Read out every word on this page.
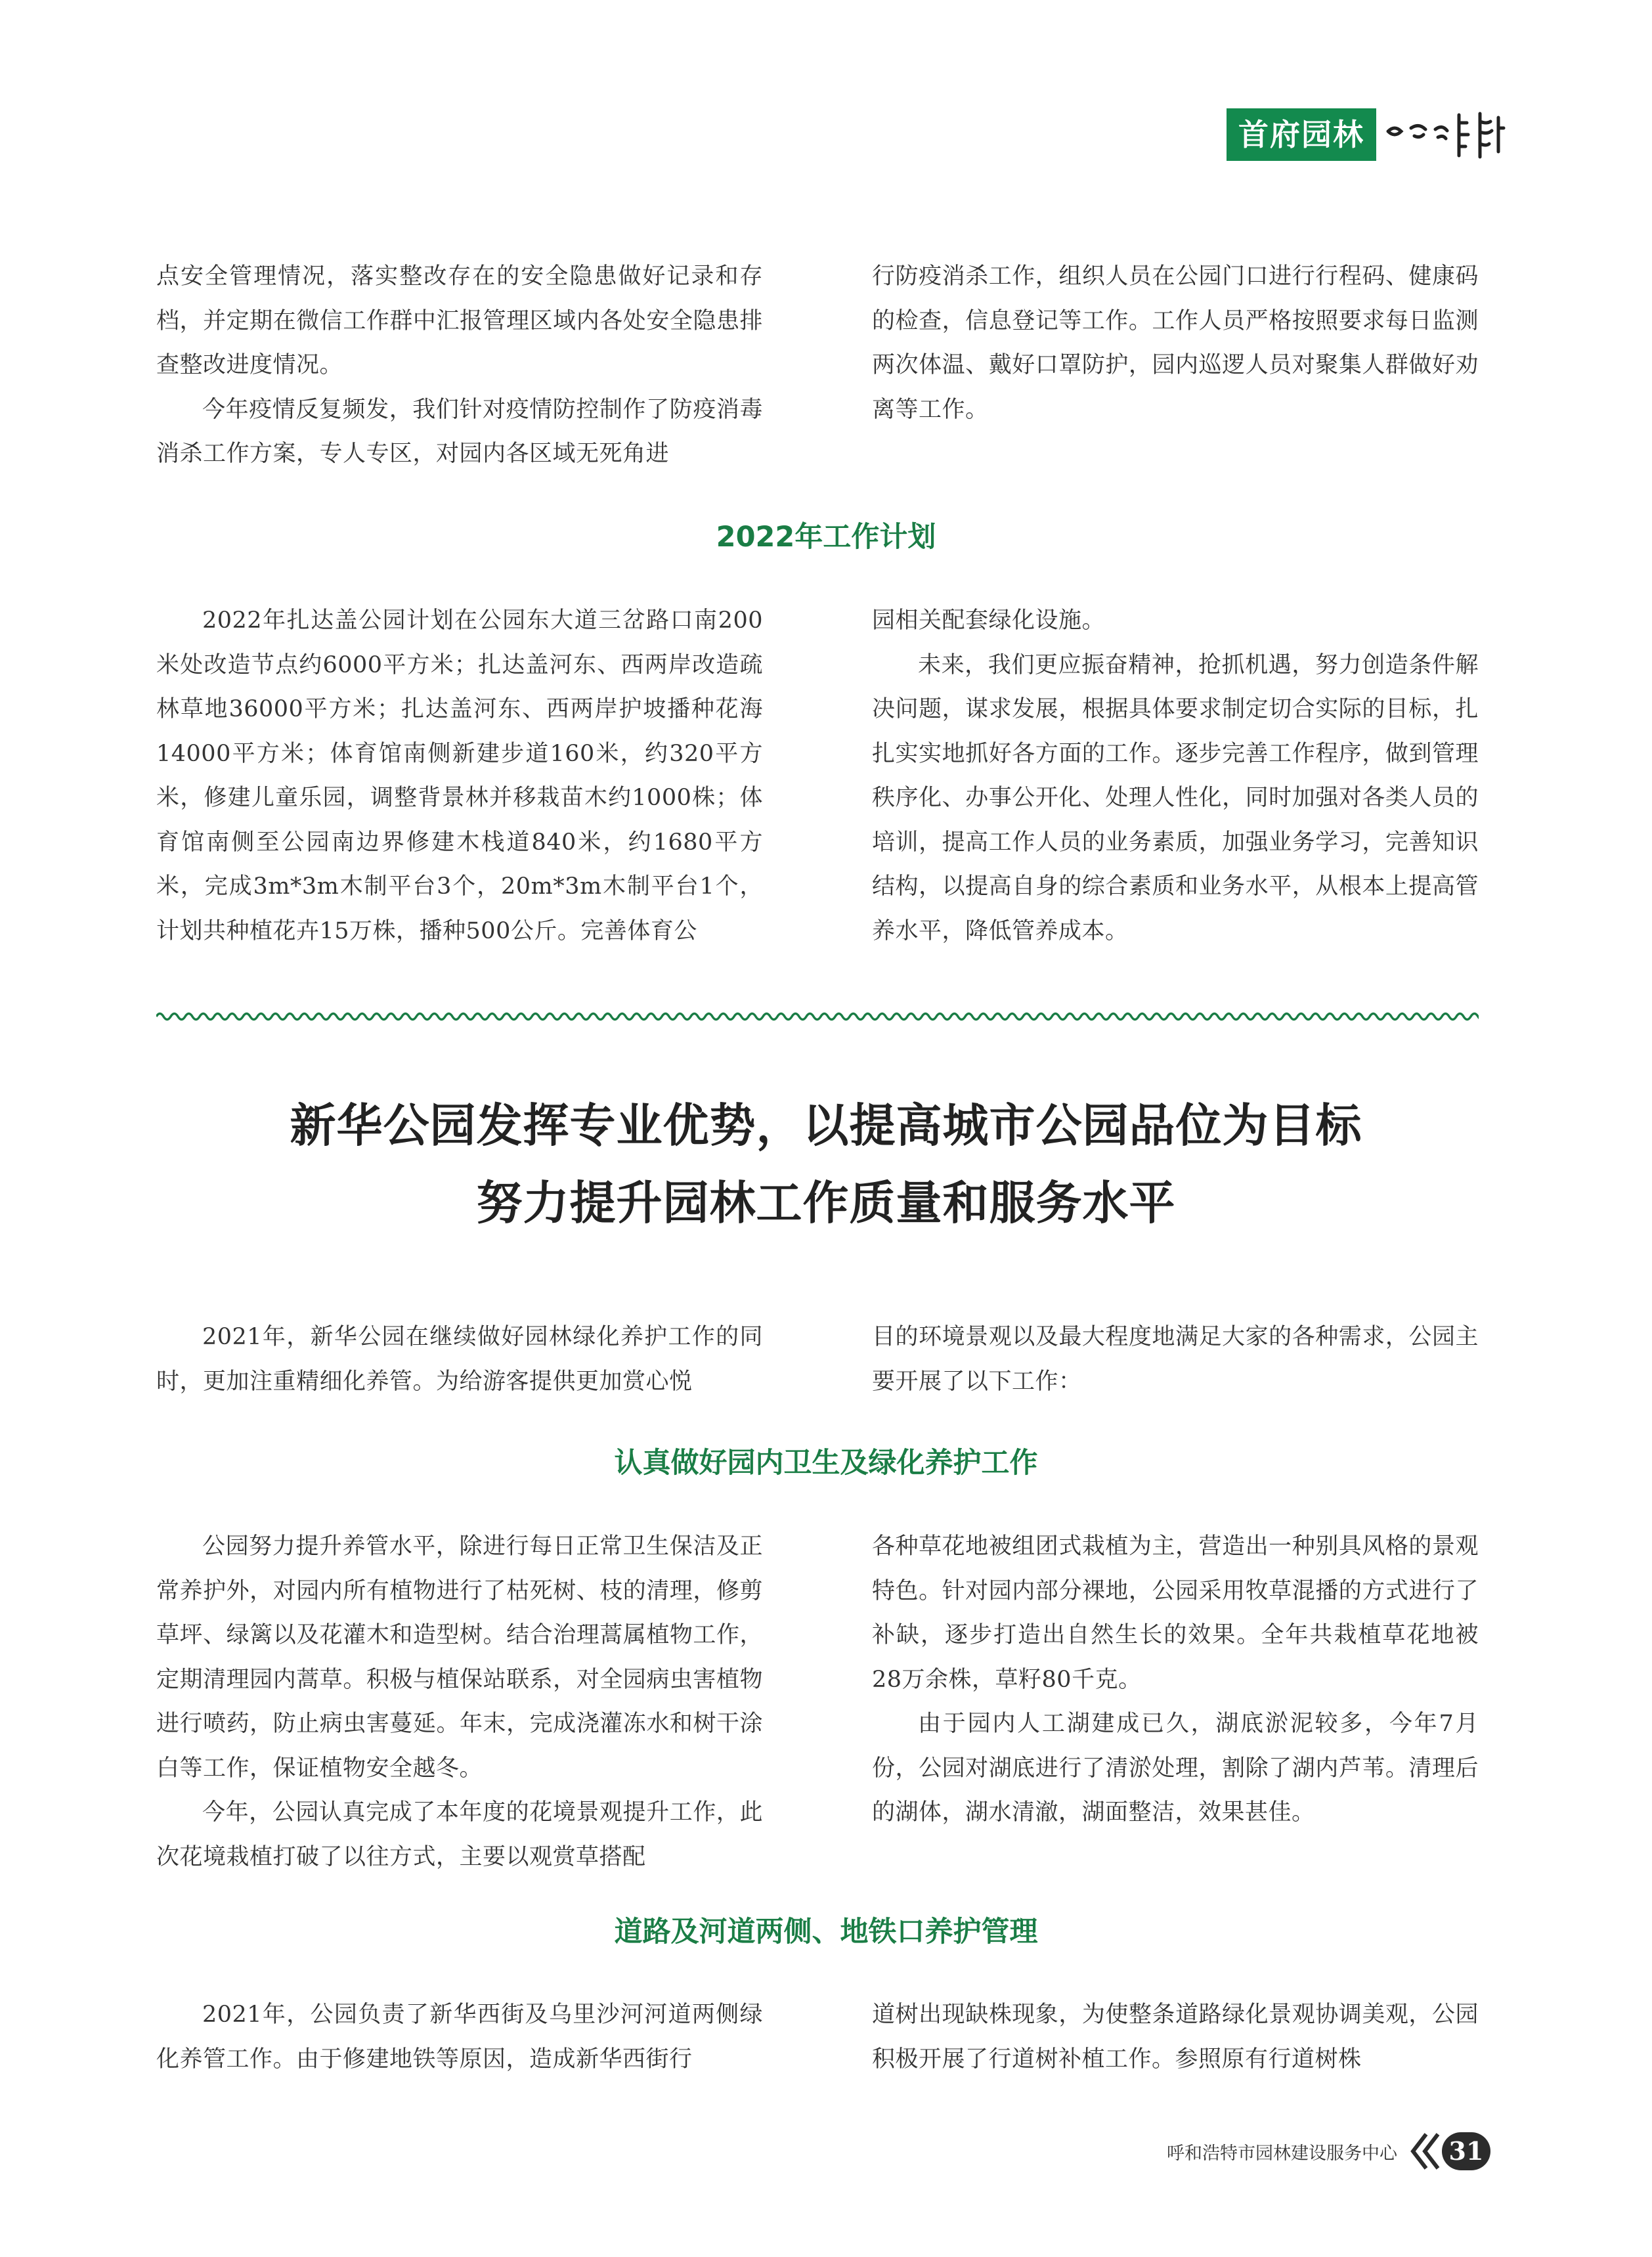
首府园林

点安全管理情况，落实整改存在的安全隐患做好记录和存档，并定期在微信工作群中汇报管理区域内各处安全隐患排查整改进度情况。

今年疫情反复频发，我们针对疫情防控制作了防疫消毒消杀工作方案，专人专区，对园内各区域无死角进

行防疫消杀工作，组织人员在公园门口进行行程码、健康码的检查，信息登记等工作。工作人员严格按照要求每日监测两次体温、戴好口罩防护，园内巡逻人员对聚集人群做好劝离等工作。

2022年工作计划

2022年扎达盖公园计划在公园东大道三岔路口南200米处改造节点约6000平方米；扎达盖河东、西两岸改造疏林草地36000平方米；扎达盖河东、西两岸护坡播种花海14000平方米；体育馆南侧新建步道160米，约320平方米，修建儿童乐园，调整背景林并移栽苗木约1000株；体育馆南侧至公园南边界修建木栈道840米，约1680平方米，完成3m*3m木制平台3个，20m*3m木制平台1个，计划共种植花卉15万株，播种500公斤。完善体育公

园相关配套绿化设施。

未来，我们更应振奋精神，抢抓机遇，努力创造条件解决问题，谋求发展，根据具体要求制定切合实际的目标，扎扎实实地抓好各方面的工作。逐步完善工作程序，做到管理秩序化、办事公开化、处理人性化，同时加强对各类人员的培训，提高工作人员的业务素质，加强业务学习，完善知识结构，以提高自身的综合素质和业务水平，从根本上提高管养水平，降低管养成本。

新华公园发挥专业优势，以提高城市公园品位为目标
努力提升园林工作质量和服务水平

2021年，新华公园在继续做好园林绿化养护工作的同时，更加注重精细化养管。为给游客提供更加赏心悦

目的环境景观以及最大程度地满足大家的各种需求，公园主要开展了以下工作：

认真做好园内卫生及绿化养护工作

公园努力提升养管水平，除进行每日正常卫生保洁及正常养护外，对园内所有植物进行了枯死树、枝的清理，修剪草坪、绿篱以及花灌木和造型树。结合治理蒿属植物工作，定期清理园内蒿草。积极与植保站联系，对全园病虫害植物进行喷药，防止病虫害蔓延。年末，完成浇灌冻水和树干涂白等工作，保证植物安全越冬。

今年，公园认真完成了本年度的花境景观提升工作，此次花境栽植打破了以往方式，主要以观赏草搭配

各种草花地被组团式栽植为主，营造出一种别具风格的景观特色。针对园内部分裸地，公园采用牧草混播的方式进行了补缺，逐步打造出自然生长的效果。全年共栽植草花地被28万余株，草籽80千克。

由于园内人工湖建成已久，湖底淤泥较多，今年7月份，公园对湖底进行了清淤处理，割除了湖内芦苇。清理后的湖体，湖水清澈，湖面整洁，效果甚佳。

道路及河道两侧、地铁口养护管理

2021年，公园负责了新华西街及乌里沙河河道两侧绿化养管工作。由于修建地铁等原因，造成新华西街行

道树出现缺株现象，为使整条道路绿化景观协调美观，公园积极开展了行道树补植工作。参照原有行道树株

呼和浩特市园林建设服务中心 31
